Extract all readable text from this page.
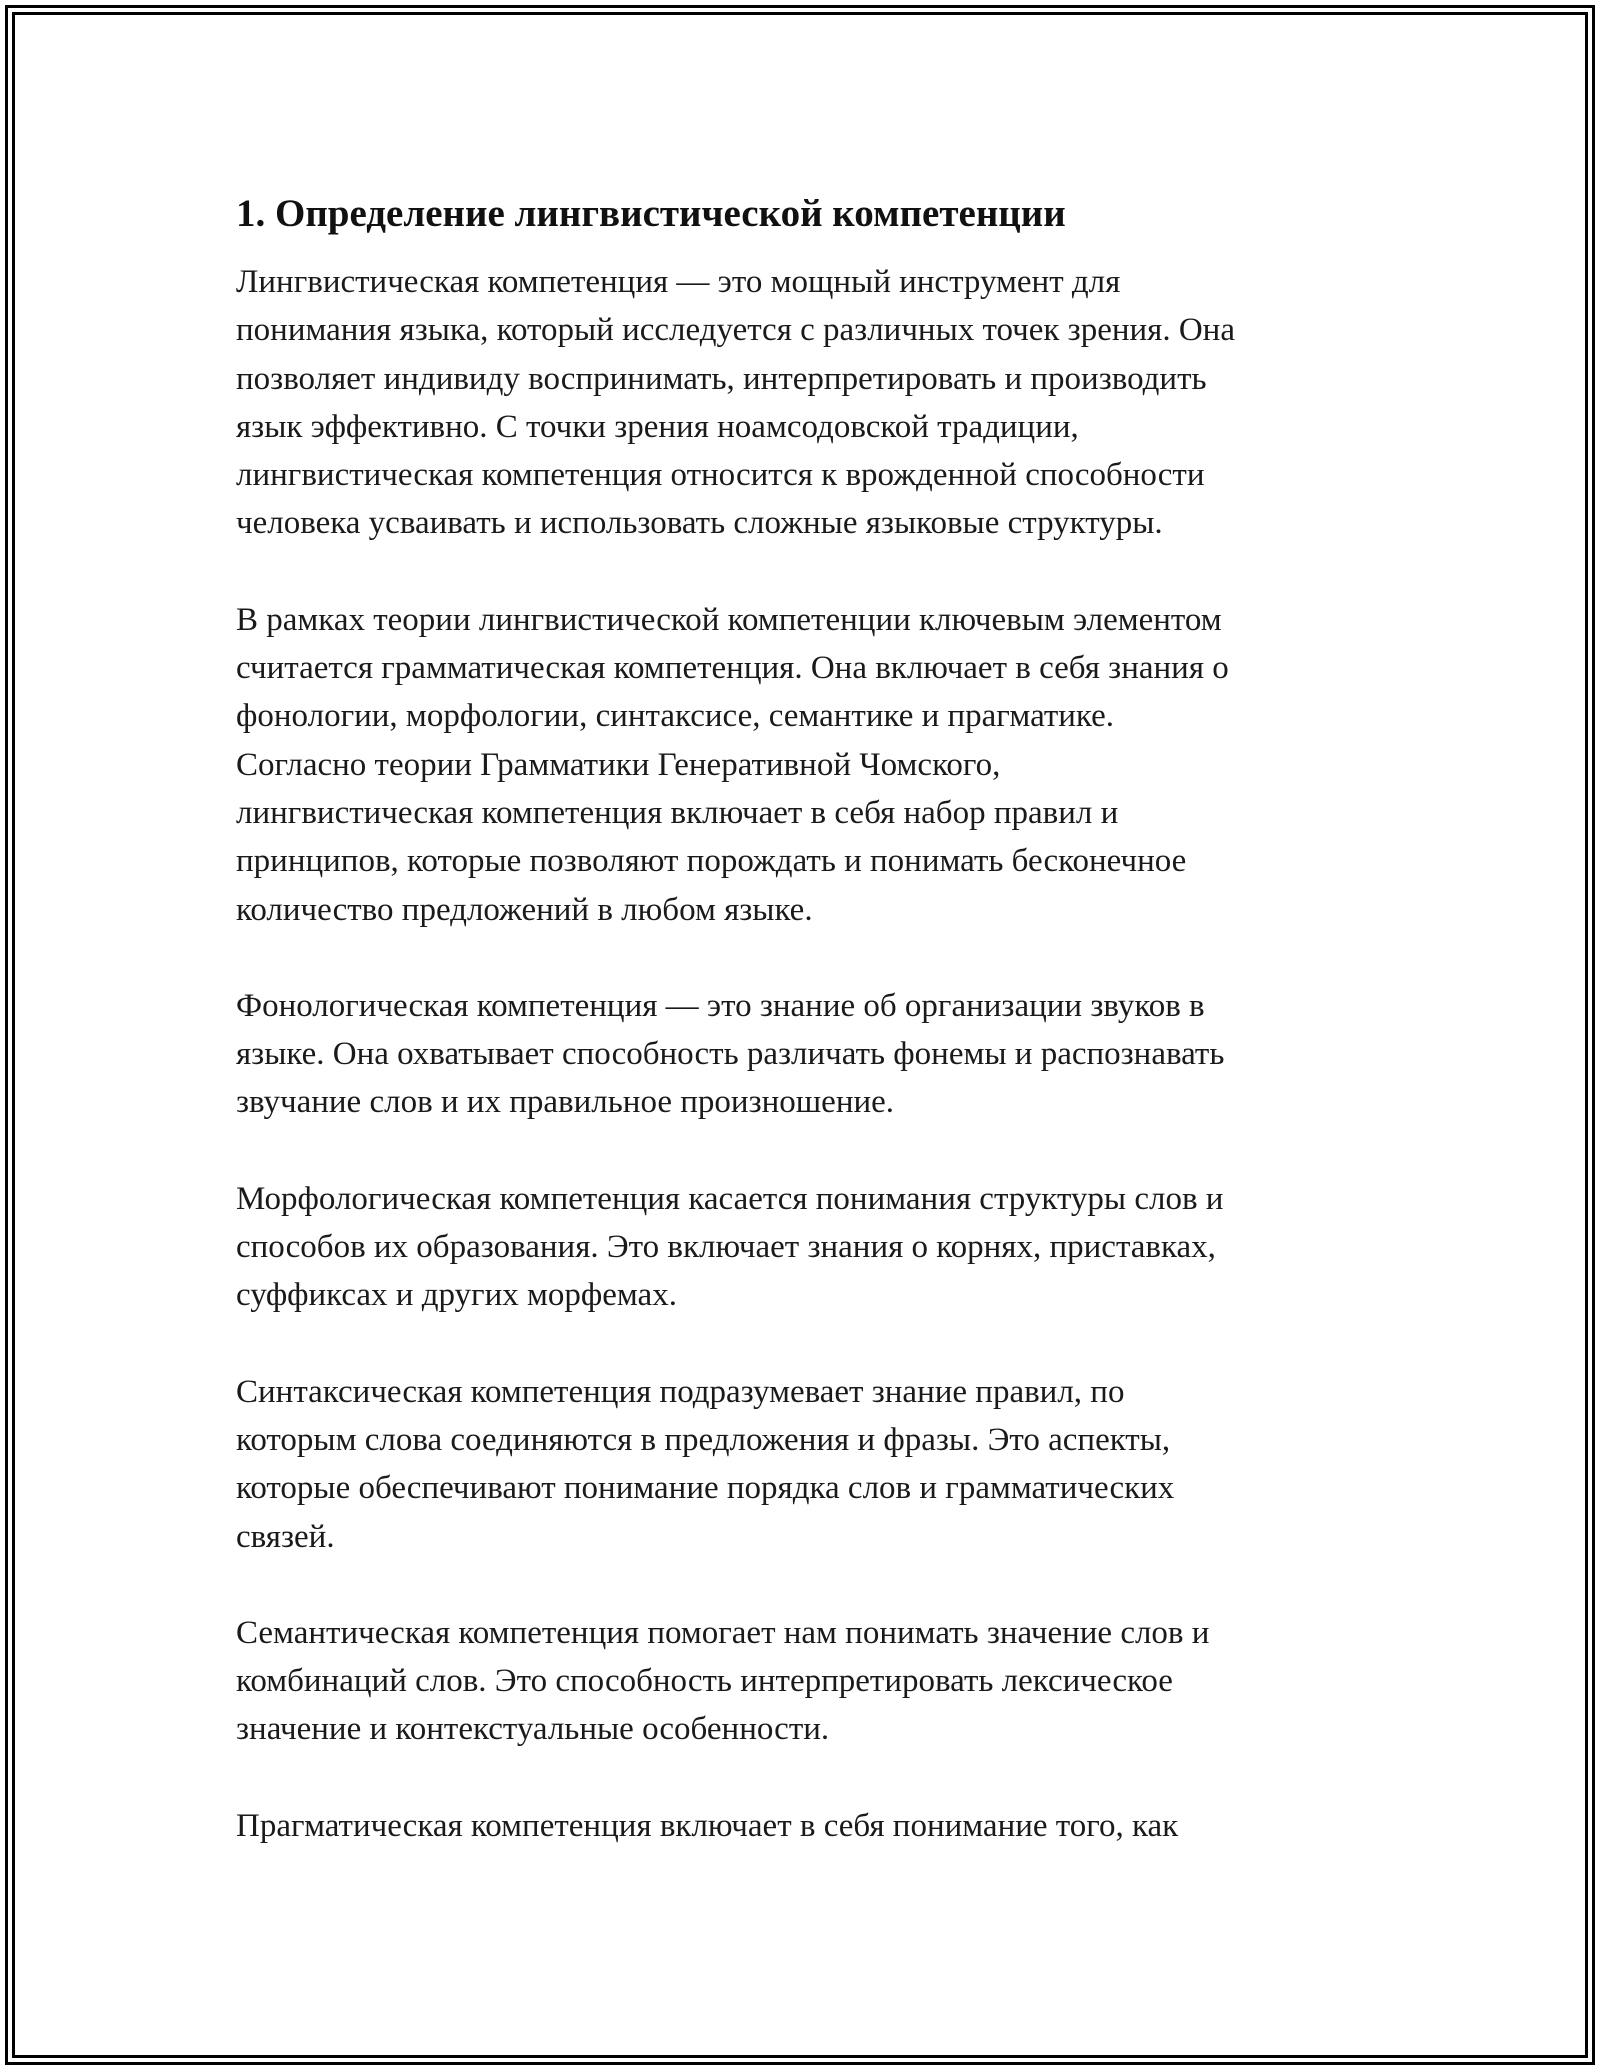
1. Определение лингвистической компетенции

Лингвистическая компетенция — это мощный инструмент для
понимания языка, который исследуется с различных точек зрения. Она
позволяет индивиду воспринимать, интерпретировать и производить
язык эффективно. С точки зрения ноамсодовской традиции,
лингвистическая компетенция относится к врожденной способности
человека усваивать и использовать сложные языковые структуры.

В рамках теории лингвистической компетенции ключевым элементом
считается грамматическая компетенция. Она включает в себя знания о
фонологии, морфологии, синтаксисе, семантике и прагматике.
Согласно теории Грамматики Генеративной Чомского,
лингвистическая компетенция включает в себя набор правил и
принципов, которые позволяют порождать и понимать бесконечное
количество предложений в любом языке.

Фонологическая компетенция — это знание об организации звуков в
языке. Она охватывает способность различать фонемы и распознавать
звучание слов и их правильное произношение.

Морфологическая компетенция касается понимания структуры слов и
способов их образования. Это включает знания о корнях, приставках,
суффиксах и других морфемах.

Синтаксическая компетенция подразумевает знание правил, по
которым слова соединяются в предложения и фразы. Это аспекты,
которые обеспечивают понимание порядка слов и грамматических
связей.

Семантическая компетенция помогает нам понимать значение слов и
комбинаций слов. Это способность интерпретировать лексическое
значение и контекстуальные особенности.

Прагматическая компетенция включает в себя понимание того, как
